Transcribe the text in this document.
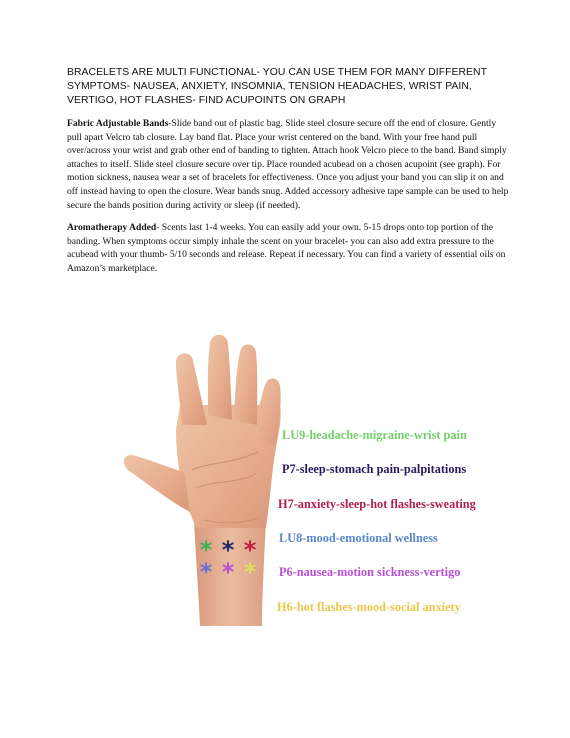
BRACELETS ARE MULTI FUNCTIONAL- YOU CAN USE THEM FOR MANY DIFFERENT SYMPTOMS- NAUSEA, ANXIETY, INSOMNIA, TENSION HEADACHES, WRIST PAIN, VERTIGO, HOT FLASHES- FIND ACUPOINTS ON GRAPH

Fabric Adjustable Bands-Slide band out of plastic bag. Slide steel closure secure off the end of closure. Gently pull apart Velcro tab closure. Lay band flat. Place your wrist centered on the band. With your free hand pull over/across your wrist and grab other end of banding to tighten. Attach hook Velcro piece to the band. Band simply attaches to itself. Slide steel closure secure over tip. Place rounded acubead on a chosen acupoint (see graph). For motion sickness, nausea wear a set of bracelets for effectiveness. Once you adjust your band you can slip it on and off instead having to open the closure. Wear bands snug. Added accessory adhesive tape sample can be used to help secure the bands position during activity or sleep (if needed).

Aromatherapy Added- Scents last 1-4 weeks. You can easily add your own. 5-15 drops onto top portion of the banding. When symptoms occur simply inhale the scent on your bracelet- you can also add extra pressure to the acubead with your thumb- 5/10 seconds and release. Repeat if necessary. You can find a variety of essential oils on Amazon’s marketplace.

* * *
* * *
LU9-headache-migraine-wrist pain
P7-sleep-stomach pain-palpitations
H7-anxiety-sleep-hot flashes-sweating
LU8-mood-emotional wellness
P6-nausea-motion sickness-vertigo
H6-hot flashes-mood-social anxiety
